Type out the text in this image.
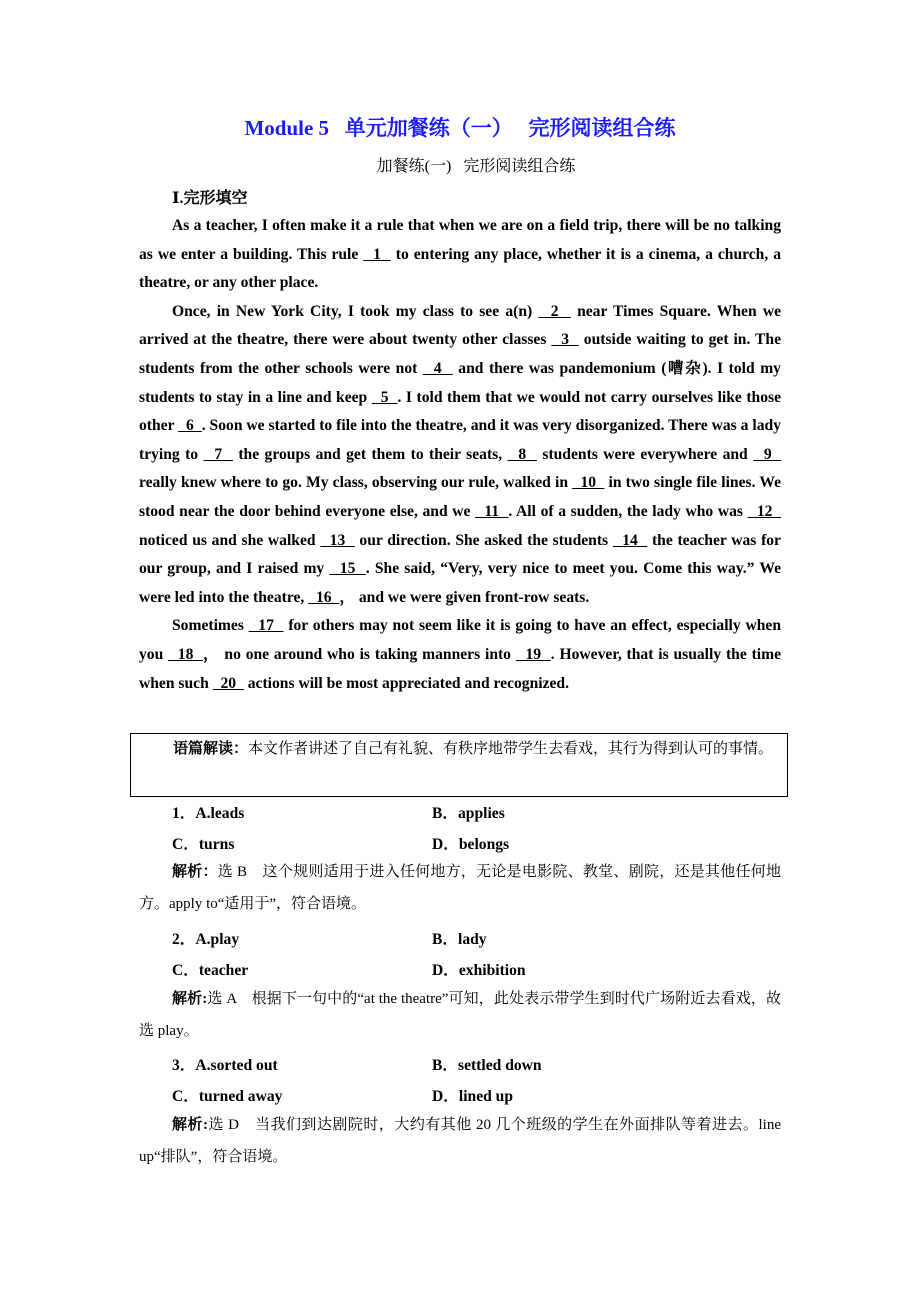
Module 5   单元加餐练（一）   完形阅读组合练
加餐练(一)   完形阅读组合练
Ⅰ.完形填空

As a teacher, I often make it a rule that when we are on a field trip, there will be no talking as we enter a building. This rule   1   to entering any place, whether it is a cinema, a church, a theatre, or any other place.

Once, in New York City, I took my class to see a(n)   2   near Times Square. When we arrived at the theatre, there were about twenty other classes   3   outside waiting to get in. The students from the other schools were not   4   and there was pandemonium (嘈杂). I told my students to stay in a line and keep   5  . I told them that we would not carry ourselves like those other   6  . Soon we started to file into the theatre, and it was very disorganized. There was a lady trying to   7   the groups and get them to their seats,   8   students were everywhere and   9   really knew where to go. My class, observing our rule, walked in   10   in two single file lines. We stood near the door behind everyone else, and we   11  . All of a sudden, the lady who was   12   noticed us and she walked   13   our direction. She asked the students   14   the teacher was for our group, and I raised my   15  . She said, “Very, very nice to meet you. Come this way.” We were led into the theatre,   16  ， and we were given front-row seats.

Sometimes   17   for others may not seem like it is going to have an effect, especially when you   18  ， no one around who is taking manners into   19  . However, that is usually the time when such   20   actions will be most appreciated and recognized.

语篇解读：本文作者讲述了自己有礼貌、有秩序地带学生去看戏，其行为得到认可的事情。
1．A.leads	B．applies
C．turns	D．belongs
解析：选 B　这个规则适用于进入任何地方，无论是电影院、教堂、剧院，还是其他任何地方。apply to“适用于”，符合语境。
2．A.play	B．lady
C．teacher	D．exhibition
解析:选 A　根据下一句中的“at the theatre”可知，此处表示带学生到时代广场附近去看戏，故选 play。
3．A.sorted out	B．settled down
C．turned away	D．lined up
解析:选 D　当我们到达剧院时，大约有其他 20 几个班级的学生在外面排队等着进去。line up“排队”，符合语境。
